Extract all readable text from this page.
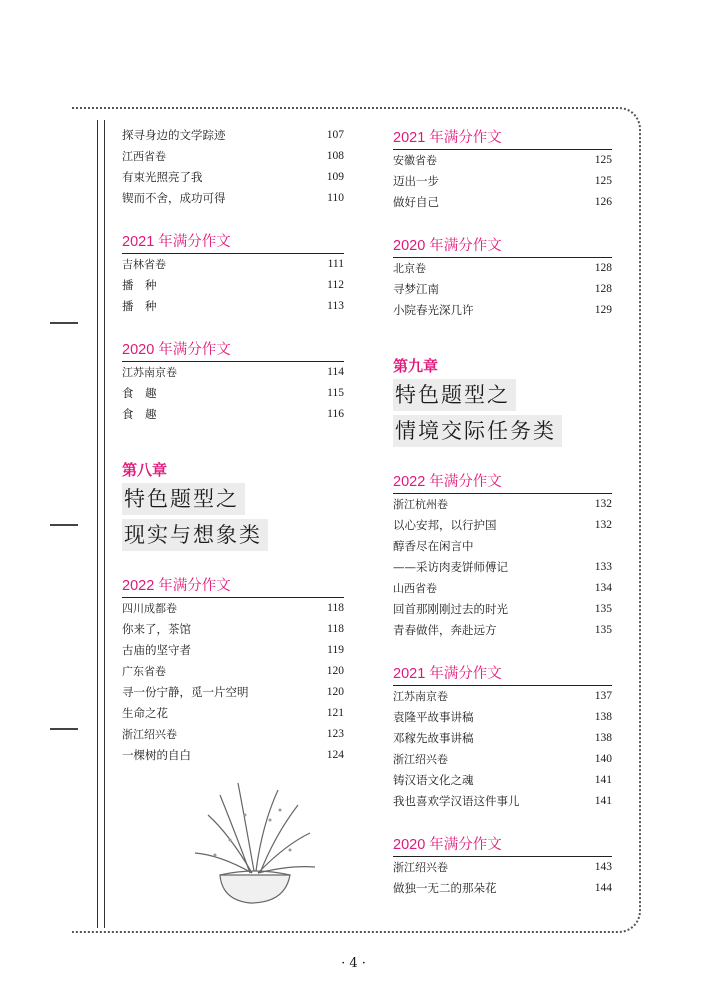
探寻身边的文学踪迹	107
江西省卷	108
有束光照亮了我	109
锲而不舍，成功可得	110
2021 年满分作文
吉林省卷	111
播　种	112
播　种	113
2020 年满分作文
江苏南京卷	114
食　趣	115
食　趣	116
第八章
特色题型之
现实与想象类
2022 年满分作文
四川成都卷	118
你来了，茶馆	118
古庙的坚守者	119
广东省卷	120
寻一份宁静，觅一片空明	120
生命之花	121
浙江绍兴卷	123
一棵树的自白	124
2021 年满分作文
安徽省卷	125
迈出一步	125
做好自己	126
2020 年满分作文
北京卷	128
寻梦江南	128
小院春光深几许	129
第九章
特色题型之
情境交际任务类
2022 年满分作文
浙江杭州卷	132
以心安邦，以行护国	132
醇香尽在闲言中
——采访肉麦饼师傅记	133
山西省卷	134
回首那刚刚过去的时光	135
青春做伴，奔赴远方	135
2021 年满分作文
江苏南京卷	137
袁隆平故事讲稿	138
邓稼先故事讲稿	138
浙江绍兴卷	140
铸汉语文化之魂	141
我也喜欢学汉语这件事儿	141
2020 年满分作文
浙江绍兴卷	143
做独一无二的那朵花	144
· 4 ·
